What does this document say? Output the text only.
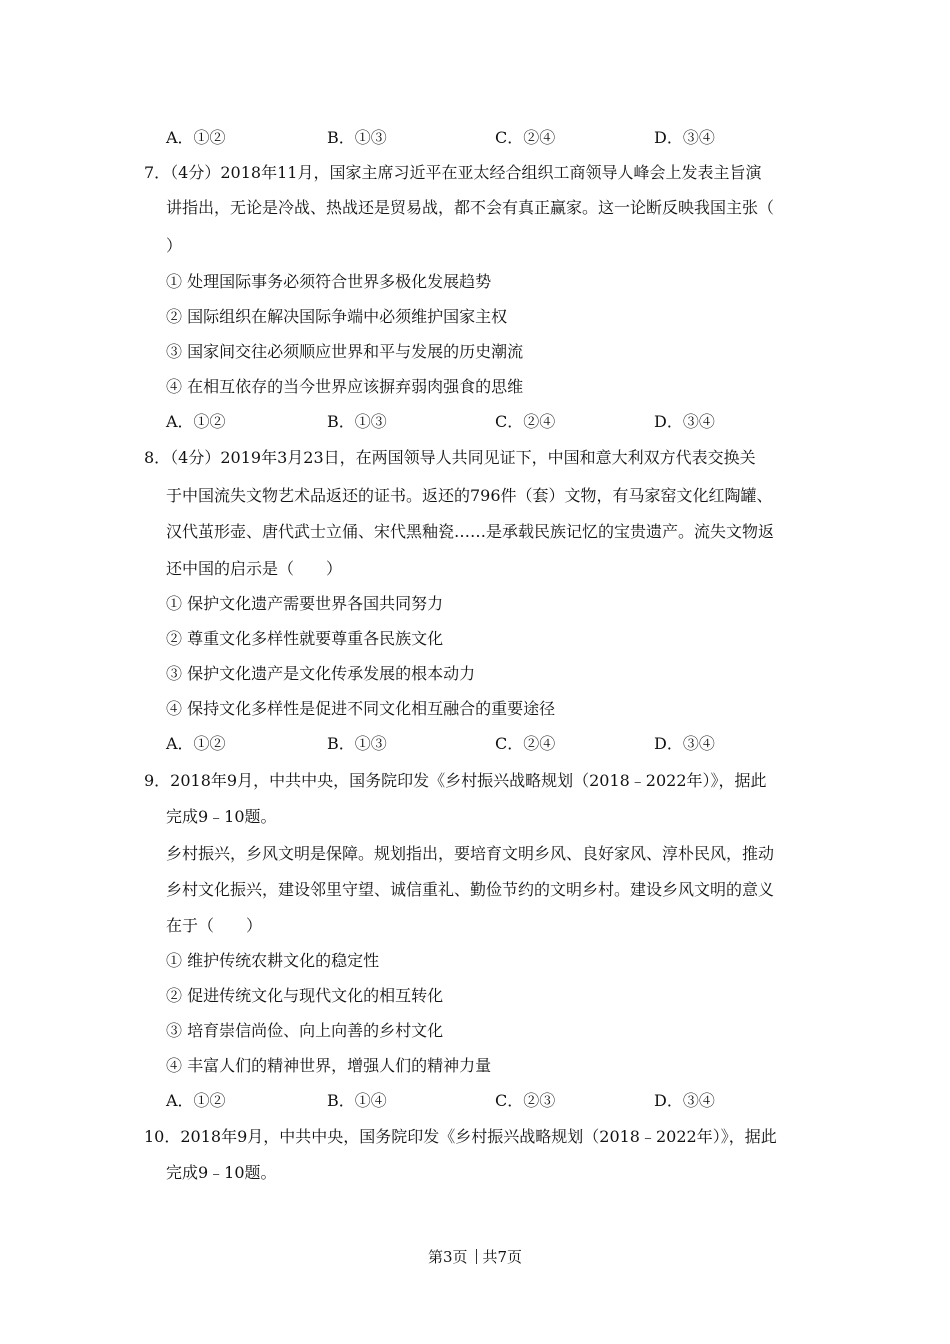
A．①②	B．①③	C．②④	D．③④
7．（4分）2018年11月，国家主席习近平在亚太经合组织工商领导人峰会上发表主旨演
讲指出，无论是冷战、热战还是贸易战，都不会有真正赢家。这一论断反映我国主张（
）
① 处理国际事务必须符合世界多极化发展趋势
② 国际组织在解决国际争端中必须维护国家主权
③ 国家间交往必须顺应世界和平与发展的历史潮流
④ 在相互依存的当今世界应该摒弃弱肉强食的思维
A．①②	B．①③	C．②④	D．③④
8．（4分）2019年3月23日，在两国领导人共同见证下，中国和意大利双方代表交换关
于中国流失文物艺术品返还的证书。返还的796件（套）文物，有马家窑文化红陶罐、
汉代茧形壶、唐代武士立俑、宋代黑釉瓷……是承载民族记忆的宝贵遗产。流失文物返
还中国的启示是（　　）
① 保护文化遗产需要世界各国共同努力
② 尊重文化多样性就要尊重各民族文化
③ 保护文化遗产是文化传承发展的根本动力
④ 保持文化多样性是促进不同文化相互融合的重要途径
A．①②	B．①③	C．②④	D．③④
9．2018年9月，中共中央，国务院印发《乡村振兴战略规划（2018﹣2022年）》，据此
完成9﹣10题。
乡村振兴，乡风文明是保障。规划指出，要培育文明乡风、良好家风、淳朴民风，推动
乡村文化振兴，建设邻里守望、诚信重礼、勤俭节约的文明乡村。建设乡风文明的意义
在于（　　）
① 维护传统农耕文化的稳定性
② 促进传统文化与现代文化的相互转化
③ 培育崇信尚俭、向上向善的乡村文化
④ 丰富人们的精神世界，增强人们的精神力量
A．①②	B．①④	C．②③	D．③④
10．2018年9月，中共中央，国务院印发《乡村振兴战略规划（2018﹣2022年）》，据此
完成9﹣10题。
第3页 共7页
